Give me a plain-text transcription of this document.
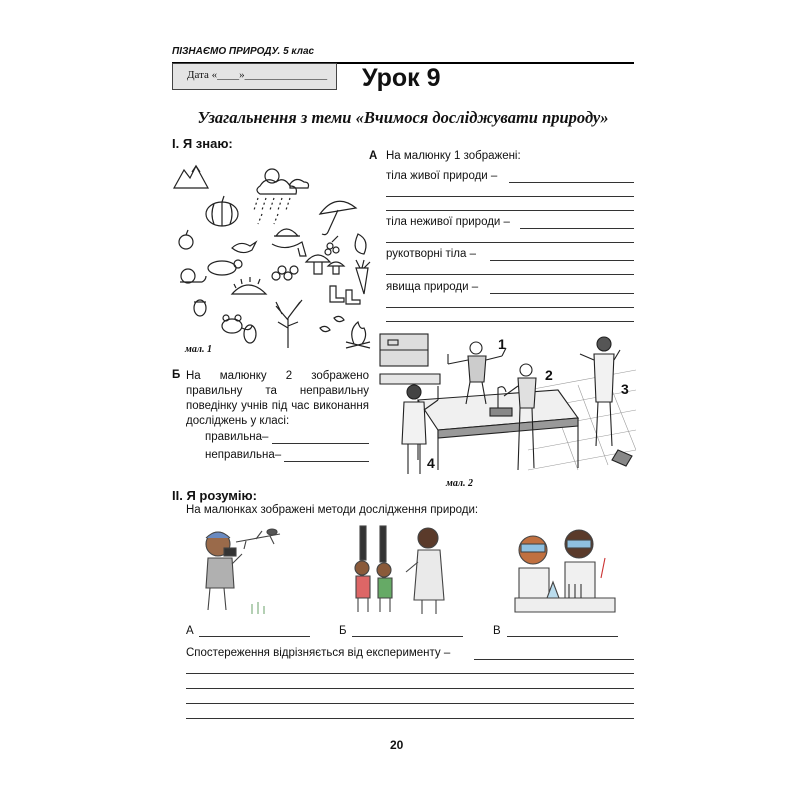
ПІЗНАЄМО ПРИРОДУ. 5 клас
Дата «____»_______________ Урок 9
Узагальнення з теми «Вчимося досліджувати природу»
I. Я знаю:
мал. 1
А На малюнку 1 зображені:
тіла живої природи –
тіла неживої природи –
рукотворні тіла –
явища природи –
1
2
3
4
мал. 2
Б На малюнку 2 зображено правильну та неправильну поведінку учнів під час виконання досліджень у класі:
правильна–
неправильна–
II. Я розумію:
На малюнках зображені методи дослідження природи:
А	Б	В
Спостереження відрізняється від експерименту –
20
